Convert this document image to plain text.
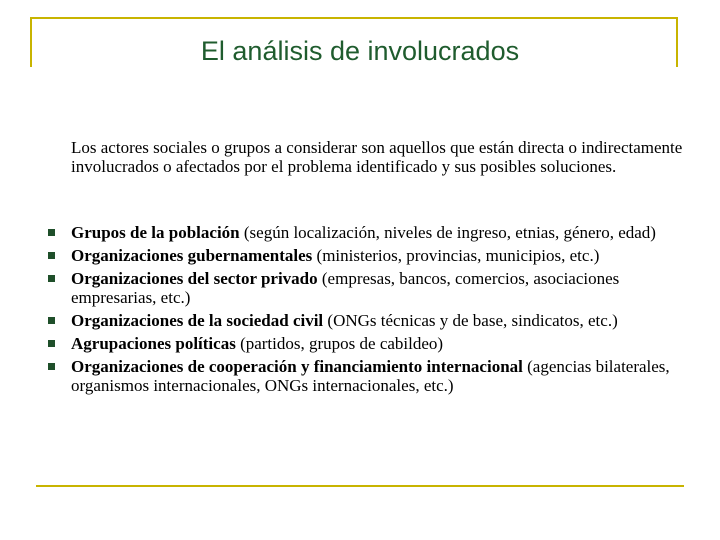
El análisis de involucrados

Los actores sociales o grupos a considerar son aquellos que están directa o indirectamente involucrados o afectados por el problema identificado y sus posibles soluciones.

Grupos de la población (según localización, niveles de ingreso, etnias, género, edad)
Organizaciones gubernamentales (ministerios, provincias, municipios, etc.)
Organizaciones del sector privado (empresas, bancos, comercios, asociaciones empresarias, etc.)
Organizaciones de la sociedad civil (ONGs técnicas y de base, sindicatos, etc.)
Agrupaciones políticas (partidos, grupos de cabildeo)
Organizaciones de cooperación y financiamiento internacional (agencias bilaterales, organismos internacionales, ONGs internacionales, etc.)
